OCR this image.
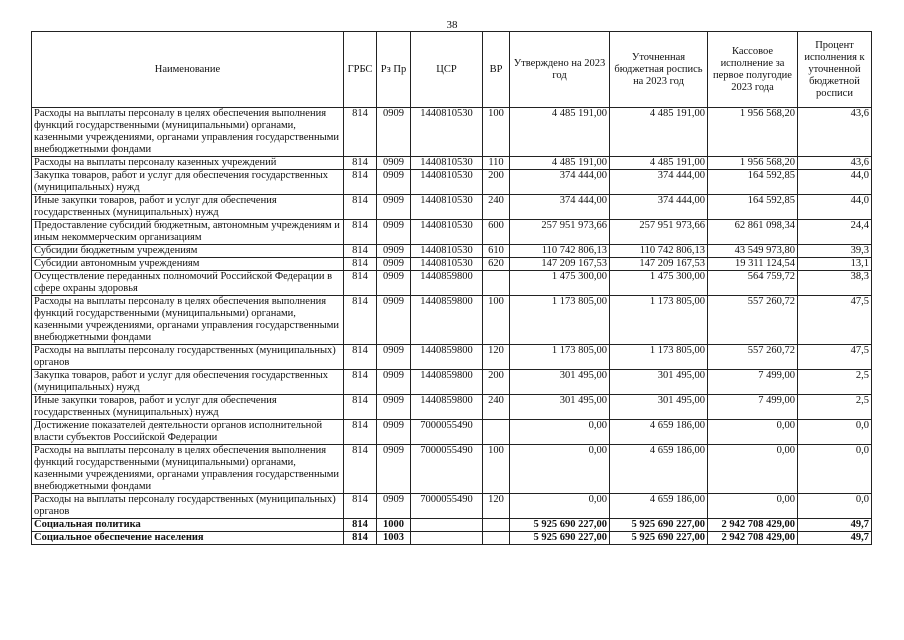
38
Наименование	ГРБС	Рз Пр	ЦСР	ВР	Утверждено на 2023 год	Уточненная бюджетная роспись на 2023 год	Кассовое исполнение за первое полугодие 2023 года	Процент исполнения к уточненной бюджетной росписи
Расходы на выплаты персоналу в целях обеспечения выполнения функций государственными (муниципальными) органами, казенными учреждениями, органами управления государственными внебюджетными фондами	814	0909	1440810530	100	4 485 191,00	4 485 191,00	1 956 568,20	43,6
Расходы на выплаты персоналу казенных учреждений	814	0909	1440810530	110	4 485 191,00	4 485 191,00	1 956 568,20	43,6
Закупка товаров, работ и услуг для обеспечения государственных (муниципальных) нужд	814	0909	1440810530	200	374 444,00	374 444,00	164 592,85	44,0
Иные закупки товаров, работ и услуг для обеспечения государственных (муниципальных) нужд	814	0909	1440810530	240	374 444,00	374 444,00	164 592,85	44,0
Предоставление субсидий бюджетным, автономным учреждениям и иным некоммерческим организациям	814	0909	1440810530	600	257 951 973,66	257 951 973,66	62 861 098,34	24,4
Субсидии бюджетным учреждениям	814	0909	1440810530	610	110 742 806,13	110 742 806,13	43 549 973,80	39,3
Субсидии автономным учреждениям	814	0909	1440810530	620	147 209 167,53	147 209 167,53	19 311 124,54	13,1
Осуществление переданных полномочий Российской Федерации в сфере охраны здоровья	814	0909	1440859800		1 475 300,00	1 475 300,00	564 759,72	38,3
Расходы на выплаты персоналу в целях обеспечения выполнения функций государственными (муниципальными) органами, казенными учреждениями, органами управления государственными внебюджетными фондами	814	0909	1440859800	100	1 173 805,00	1 173 805,00	557 260,72	47,5
Расходы на выплаты персоналу государственных (муниципальных) органов	814	0909	1440859800	120	1 173 805,00	1 173 805,00	557 260,72	47,5
Закупка товаров, работ и услуг для обеспечения государственных (муниципальных) нужд	814	0909	1440859800	200	301 495,00	301 495,00	7 499,00	2,5
Иные закупки товаров, работ и услуг для обеспечения государственных (муниципальных) нужд	814	0909	1440859800	240	301 495,00	301 495,00	7 499,00	2,5
Достижение показателей деятельности органов исполнительной власти субъектов Российской Федерации	814	0909	7000055490		0,00	4 659 186,00	0,00	0,0
Расходы на выплаты персоналу в целях обеспечения выполнения функций государственными (муниципальными) органами, казенными учреждениями, органами управления государственными внебюджетными фондами	814	0909	7000055490	100	0,00	4 659 186,00	0,00	0,0
Расходы на выплаты персоналу государственных (муниципальных) органов	814	0909	7000055490	120	0,00	4 659 186,00	0,00	0,0
Социальная политика	814	1000			5 925 690 227,00	5 925 690 227,00	2 942 708 429,00	49,7
Социальное обеспечение населения	814	1003			5 925 690 227,00	5 925 690 227,00	2 942 708 429,00	49,7
